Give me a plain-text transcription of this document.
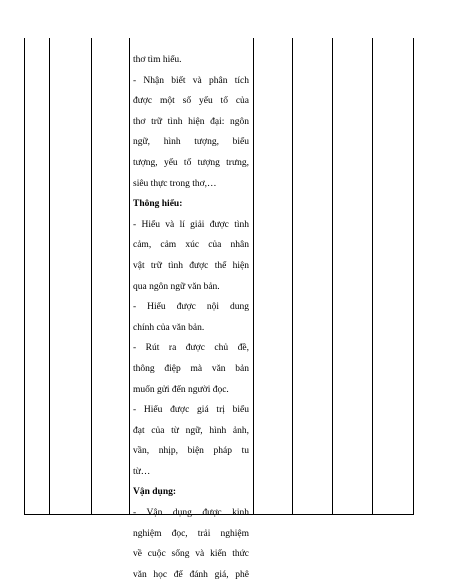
thơ tìm hiểu.

- Nhận biết và phân tích

được một số yếu tố của

thơ trữ tình hiện đại: ngôn

ngữ, hình tượng, biểu

tượng, yếu tố tượng trưng,

siêu thực trong thơ,…

Thông hiểu:

- Hiểu và lí giải được tình

cảm, cảm xúc của nhân

vật trữ tình được thể hiện

qua ngôn ngữ văn bản.

- Hiểu được nội dung

chính của văn bản.

- Rút ra được chủ đề,

thông điệp mà văn bản

muốn gửi đến người đọc.

- Hiểu được giá trị biểu

đạt của từ ngữ, hình ảnh,

vần, nhịp, biện pháp tu

từ…

Vận dụng:

- Vận dụng được kinh

nghiệm đọc, trải nghiệm

về cuộc sống và kiến thức

văn học để đánh giá, phê
